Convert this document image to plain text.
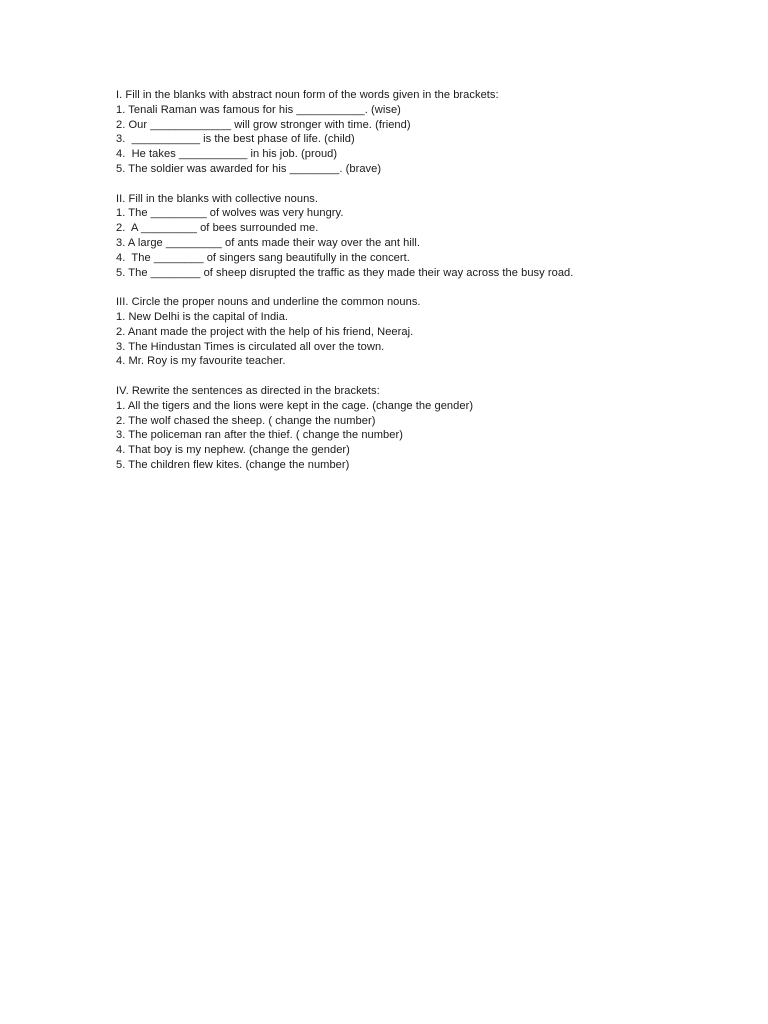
I. Fill in the blanks with abstract noun form of the words given in the brackets:
1. Tenali Raman was famous for his ___________. (wise)
2. Our _____________ will grow stronger with time. (friend)
3.  ___________ is the best phase of life. (child)
4.  He takes ___________ in his job. (proud)
5. The soldier was awarded for his ________. (brave)
II. Fill in the blanks with collective nouns.
1. The _________ of wolves was very hungry.
2.  A _________ of bees surrounded me.
3. A large _________ of ants made their way over the ant hill.
4.  The ________ of singers sang beautifully in the concert.
5. The ________ of sheep disrupted the traffic as they made their way across the busy road.
III. Circle the proper nouns and underline the common nouns.
1. New Delhi is the capital of India.
2. Anant made the project with the help of his friend, Neeraj.
3. The Hindustan Times is circulated all over the town.
4. Mr. Roy is my favourite teacher.
IV. Rewrite the sentences as directed in the brackets:
1. All the tigers and the lions were kept in the cage. (change the gender)
2. The wolf chased the sheep. ( change the number)
3. The policeman ran after the thief. ( change the number)
4. That boy is my nephew. (change the gender)
5. The children flew kites. (change the number)
